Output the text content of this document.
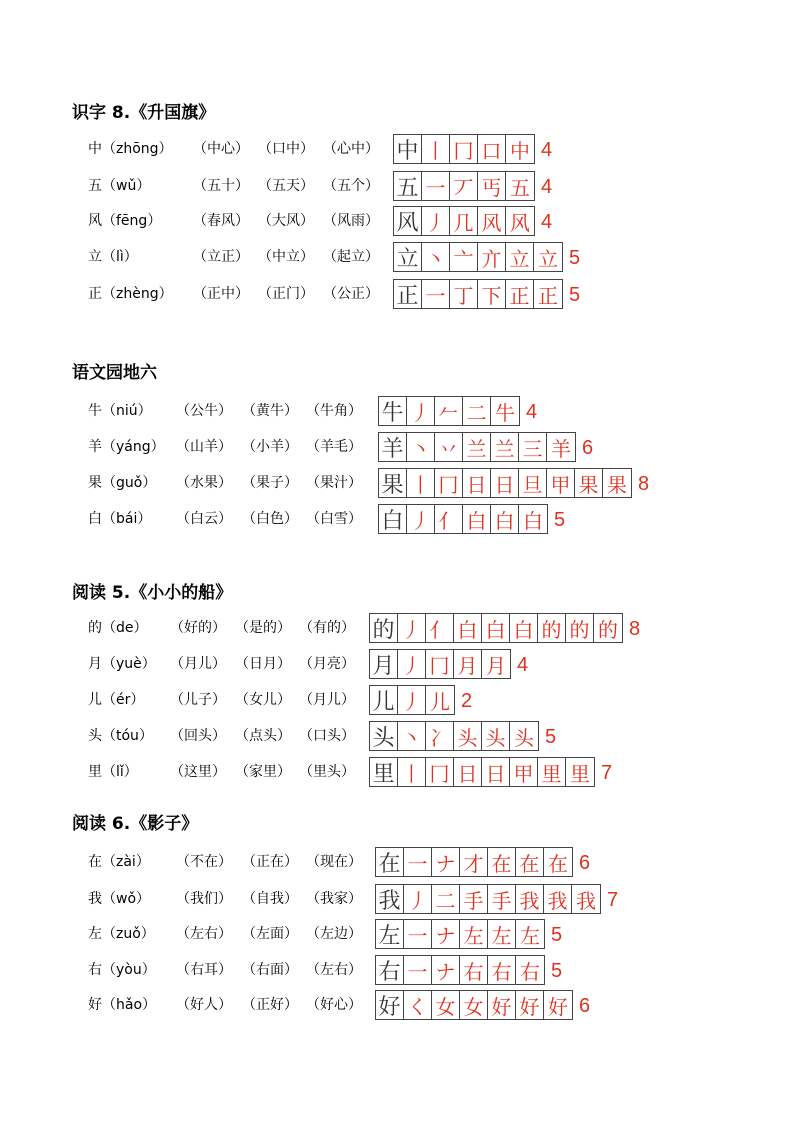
识字 8.《升国旗》
中（zhōng） （中心） （口中） （心中） 中 丨 冂 口 中 4
五（wǔ）	（五十） （五天） （五个） 五 一 丆 丐 五 4
风（fēng） （春风） （大风） （风雨） 风 丿 几 风 风 4
立（lì）	（立正） （中立） （起立） 立 丶 亠 亣 立 立 5
正（zhèng） （正中） （正门） （公正） 正 一 丁 下 正 正 5
语文园地六
牛（niú） （公牛） （黄牛） （牛角） 牛 丿 𠂉 二 牛 4
羊（yáng） （山羊） （小羊） （羊毛） 羊 丶 丷 兰 兰 三 羊 6
果（guǒ） （水果） （果子） （果汁） 果 丨 冂 日 日 旦 甲 果 果 8
白（bái） （白云） （白色） （白雪） 白 丿 亻 白 白 白 5
阅读 5.《小小的船》
的（de） （好的） （是的） （有的） 的 丿 亻 白 白 白 的 的 的 8
月（yuè） （月儿） （日月） （月亮） 月 丿 冂 月 月 4
儿（ér） （儿子） （女儿） （月儿） 儿 丿 儿 2
头（tóu） （回头） （点头） （口头） 头 丶 冫 头 头 头 5
里（lǐ） （这里） （家里） （里头） 里 丨 冂 日 日 甲 里 里 7
阅读 6.《影子》
在（zài） （不在） （正在） （现在） 在 一 ナ 才 在 在 在 6
我（wǒ） （我们） （自我） （我家） 我 丿 二 手 手 我 我 我 7
左（zuǒ） （左右） （左面） （左边） 左 一 ナ 左 左 左 5
右（yòu） （右耳） （右面） （左右） 右 一 ナ 右 右 右 5
好（hǎo） （好人） （正好） （好心） 好 く 女 女 好 好 好 6
